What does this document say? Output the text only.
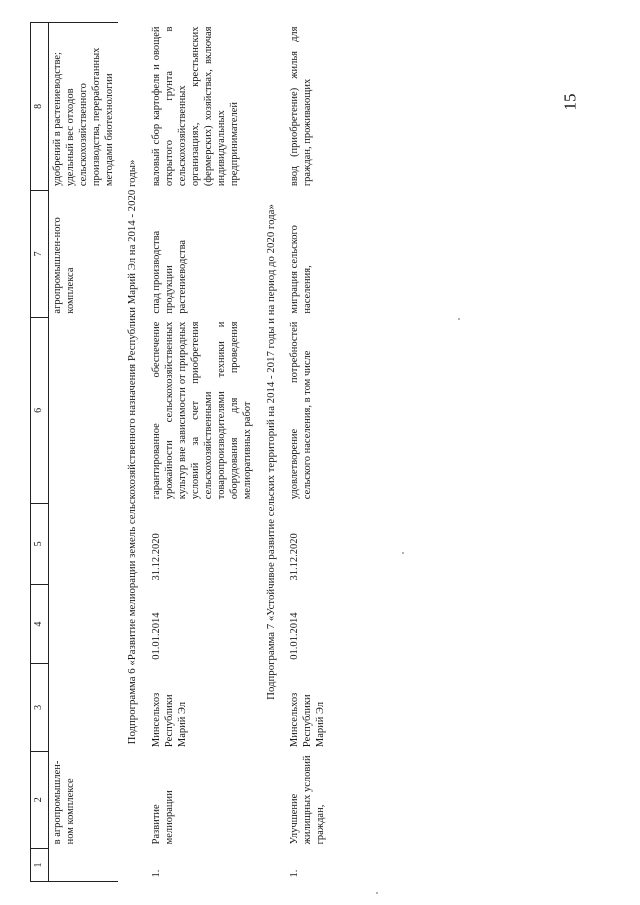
15
1	2	3	4	5	6	7	8
	в агропромышлен-ном комплексе					агропромышлен-ного комплекса	удобрений в растениеводстве; удельный вес отходов сельскохозяйственного производства, переработанных методами биотехнологии
Подпрограмма 6 «Развитие мелиорации земель сельскохозяйственного назначения Республики Марий Эл на 2014 - 2020 годы»							
1.	Развитие мелиорации	Минсельхоз Республики Марий Эл	01.01.2014	31.12.2020	гарантированное обеспечение урожайности сельскохозяйственных культур вне зависимости от природных условий за счет приобретения сельскохозяйственными товаропроизводителями техники и оборудования для проведения мелиоративных работ	спад производства продукции растениеводства	валовый сбор картофеля и овощей открытого грунта в сельскохозяйственных организациях, крестьянских (фермерских) хозяйствах, включая индивидуальных предпринимателей
Подпрограмма 7 «Устойчивое развитие сельских территорий на 2014 - 2017 годы и на период до 2020 года»							
1.	Улучшение жилищных условий граждан,	Минсельхоз Республики Марий Эл	01.01.2014	31.12.2020	удовлетворение потребностей сельского населения, в том числе	миграция сельского населения,	ввод (приобретение) жилья для граждан, проживающих
